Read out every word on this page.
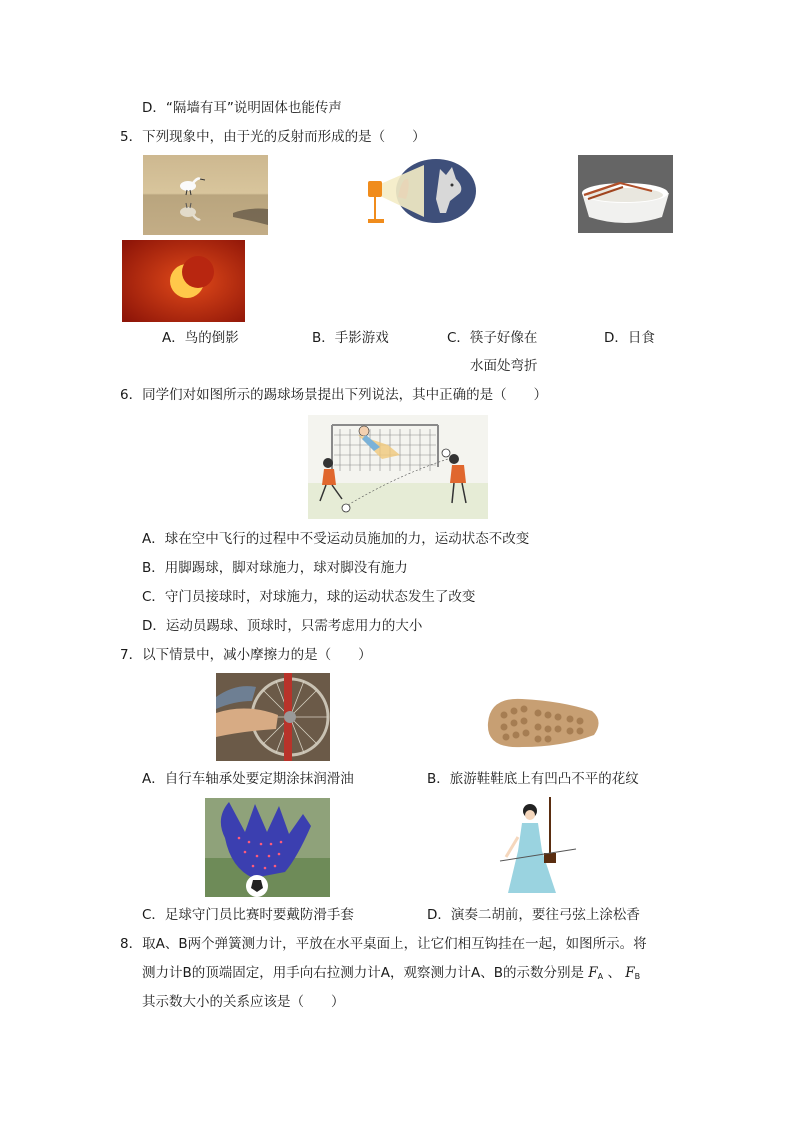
D．“隔墙有耳”说明固体也能传声
5．下列现象中，由于光的反射而形成的是（　　）
A．鸟的倒影	B．手影游戏	C．筷子好像在
水面处弯折
D．日食
6．同学们对如图所示的踢球场景提出下列说法，其中正确的是（　　）
A．球在空中飞行的过程中不受运动员施加的力，运动状态不改变
B．用脚踢球，脚对球施力，球对脚没有施力
C．守门员接球时，对球施力，球的运动状态发生了改变
D．运动员踢球、顶球时，只需考虑用力的大小
7．以下情景中，减小摩擦力的是（　　）
A．自行车轴承处要定期涂抹润滑油	B．旅游鞋鞋底上有凹凸不平的花纹
C．足球守门员比赛时要戴防滑手套	D．演奏二胡前，要往弓弦上涂松香
8．取A、B两个弹簧测力计，平放在水平桌面上，让它们相互钩挂在一起，如图所示。将
测力计B的顶端固定，用手向右拉测力计A，观察测力计A、B的示数分别是 $F_A$ 、 $F_B$
其示数大小的关系应该是（　　）
